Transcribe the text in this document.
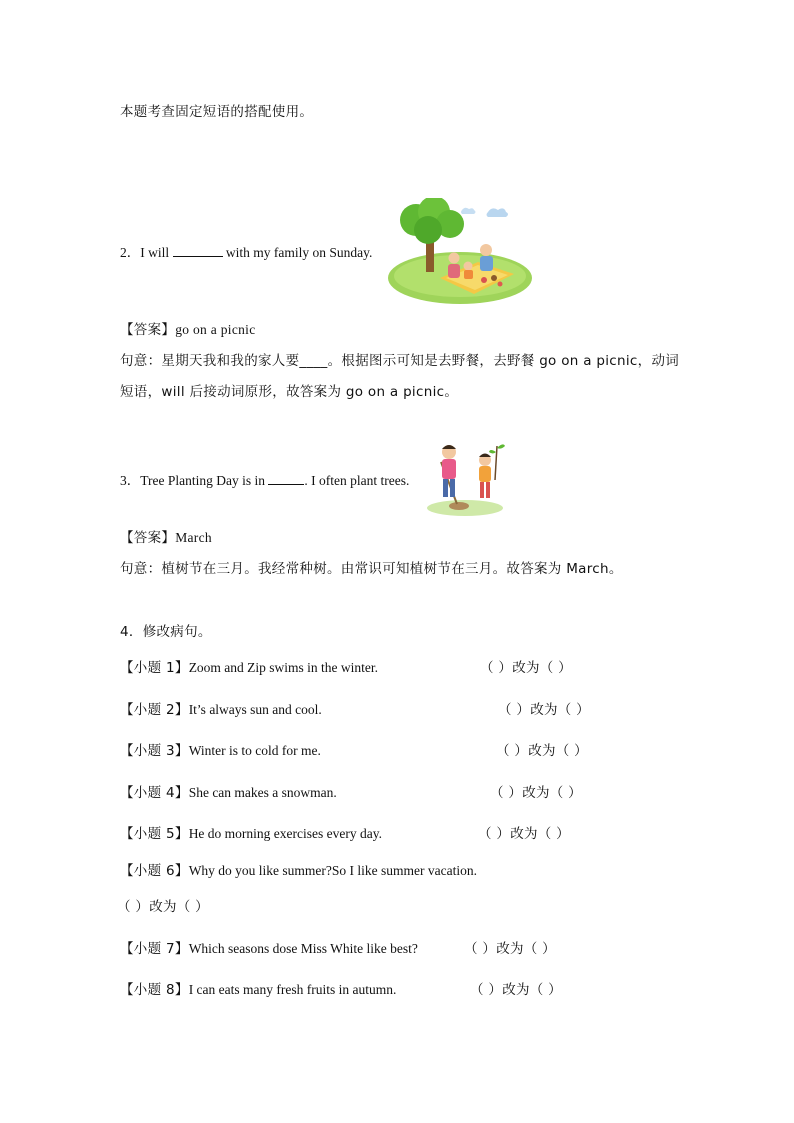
本题考查固定短语的搭配使用。
2．I will	with my family on Sunday.
【答案】go on a picnic
句意：星期天我和我的家人要____。根据图示可知是去野餐，去野餐 go on a picnic，动词
短语，will 后接动词原形，故答案为 go on a picnic。
3．Tree Planting Day is in	. I often plant trees.
【答案】March
句意：植树节在三月。我经常种树。由常识可知植树节在三月。故答案为 March。
4．修改病句。
【小题 1】Zoom and Zip swims in the winter.	（ ）改为（ ）
【小题 2】It’s always sun and cool.	（ ）改为（ ）
【小题 3】Winter is to cold for me.	（ ）改为（ ）
【小题 4】She can makes a snowman.	（ ）改为（ ）
【小题 5】He do morning exercises every day.	（ ）改为（ ）
【小题 6】Why do you like summer?So I like summer vacation.
（ ）改为（ ）
【小题 7】Which seasons dose Miss White like best?	（ ）改为（ ）
【小题 8】I can eats many fresh fruits in autumn.	（ ）改为（ ）
